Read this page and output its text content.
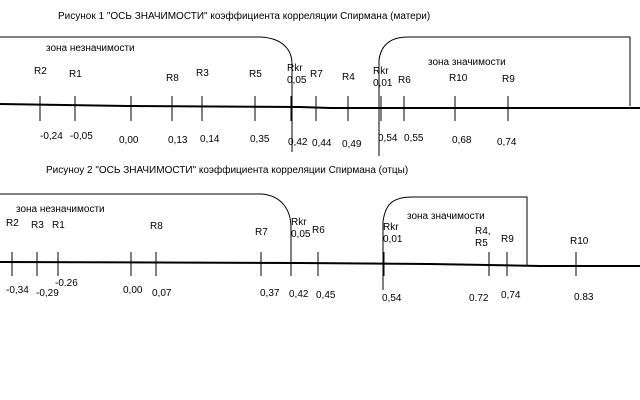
Рисунок 1 "ОСЬ ЗНАЧИМОСТИ" коэффициента корреляции Спирмана (матери)
зона незначимости
зона значимости
R2
-0,24
R1
-0,05	0,00
R8
0,13
R3
0,14
R5
0,35
Rkr 0,05
0,42
R7
0,44
R4
0,49
Rkr 0,01
0,54
R6
0,55
R10
0,68
R9
0,74
Рисуноу 2 "ОСЬ ЗНАЧИМОСТИ" коэффициента корреляции Спирмана (отцы)
зона незначимости
зона значимости
R2
-0,34
R3
-0,29
R1
-0.26
0,00
R8
0,07
R7
0,37
Rkr 0,05
0,42
R6
0,45
Rkr 0,01
0,54
R4, R5
0.72
R9
0,74
R10
0.83
